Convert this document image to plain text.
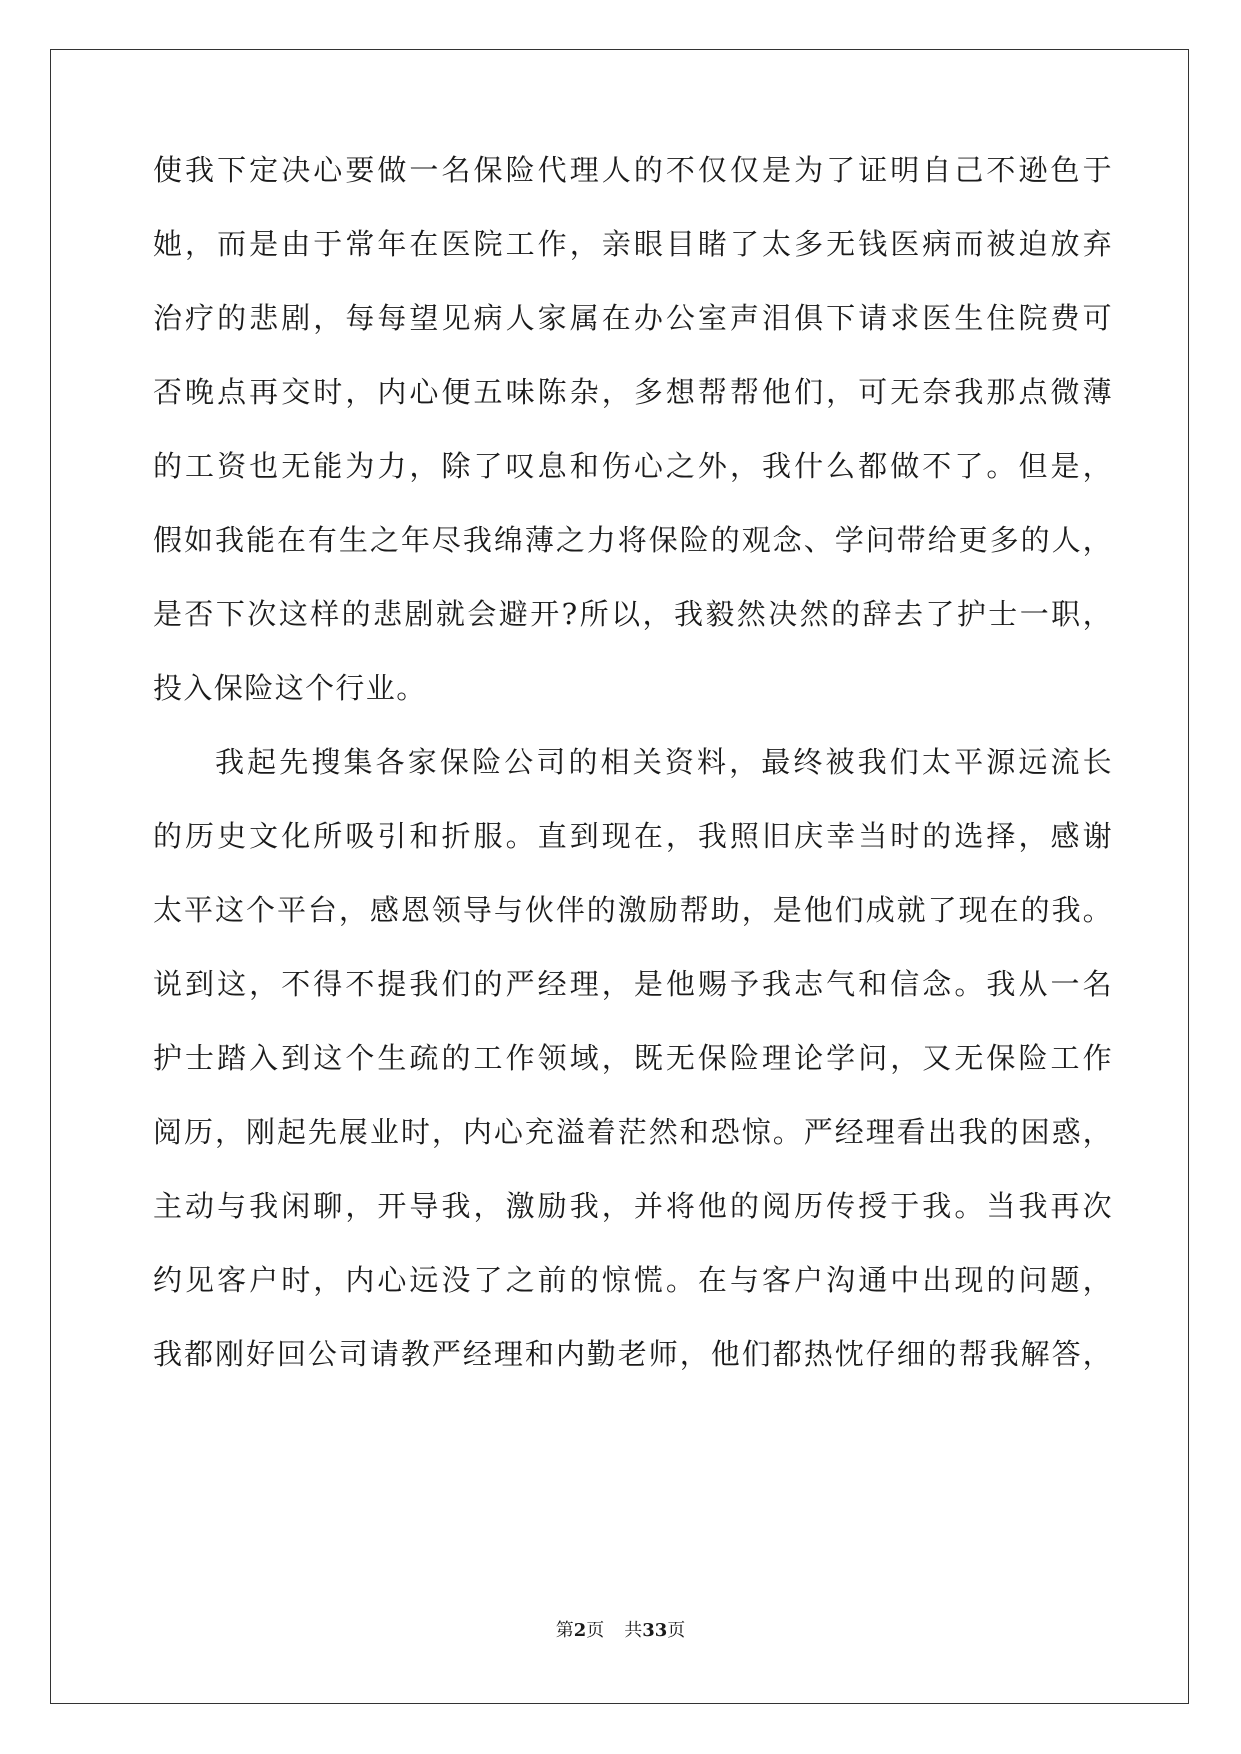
使我下定决心要做一名保险代理人的不仅仅是为了证明自己不逊色于
她，而是由于常年在医院工作，亲眼目睹了太多无钱医病而被迫放弃
治疗的悲剧，每每望见病人家属在办公室声泪俱下请求医生住院费可
否晚点再交时，内心便五味陈杂，多想帮帮他们，可无奈我那点微薄
的工资也无能为力，除了叹息和伤心之外，我什么都做不了。但是，
假如我能在有生之年尽我绵薄之力将保险的观念、学问带给更多的人，
是否下次这样的悲剧就会避开?所以，我毅然决然的辞去了护士一职，
投入保险这个行业。
我起先搜集各家保险公司的相关资料，最终被我们太平源远流长
的历史文化所吸引和折服。直到现在，我照旧庆幸当时的选择，感谢
太平这个平台，感恩领导与伙伴的激励帮助，是他们成就了现在的我。
说到这，不得不提我们的严经理，是他赐予我志气和信念。我从一名
护士踏入到这个生疏的工作领域，既无保险理论学问，又无保险工作
阅历，刚起先展业时，内心充溢着茫然和恐惊。严经理看出我的困惑，
主动与我闲聊，开导我，激励我，并将他的阅历传授于我。当我再次
约见客户时，内心远没了之前的惊慌。在与客户沟通中出现的问题，
我都刚好回公司请教严经理和内勤老师，他们都热忱仔细的帮我解答，
第2页 共33页
